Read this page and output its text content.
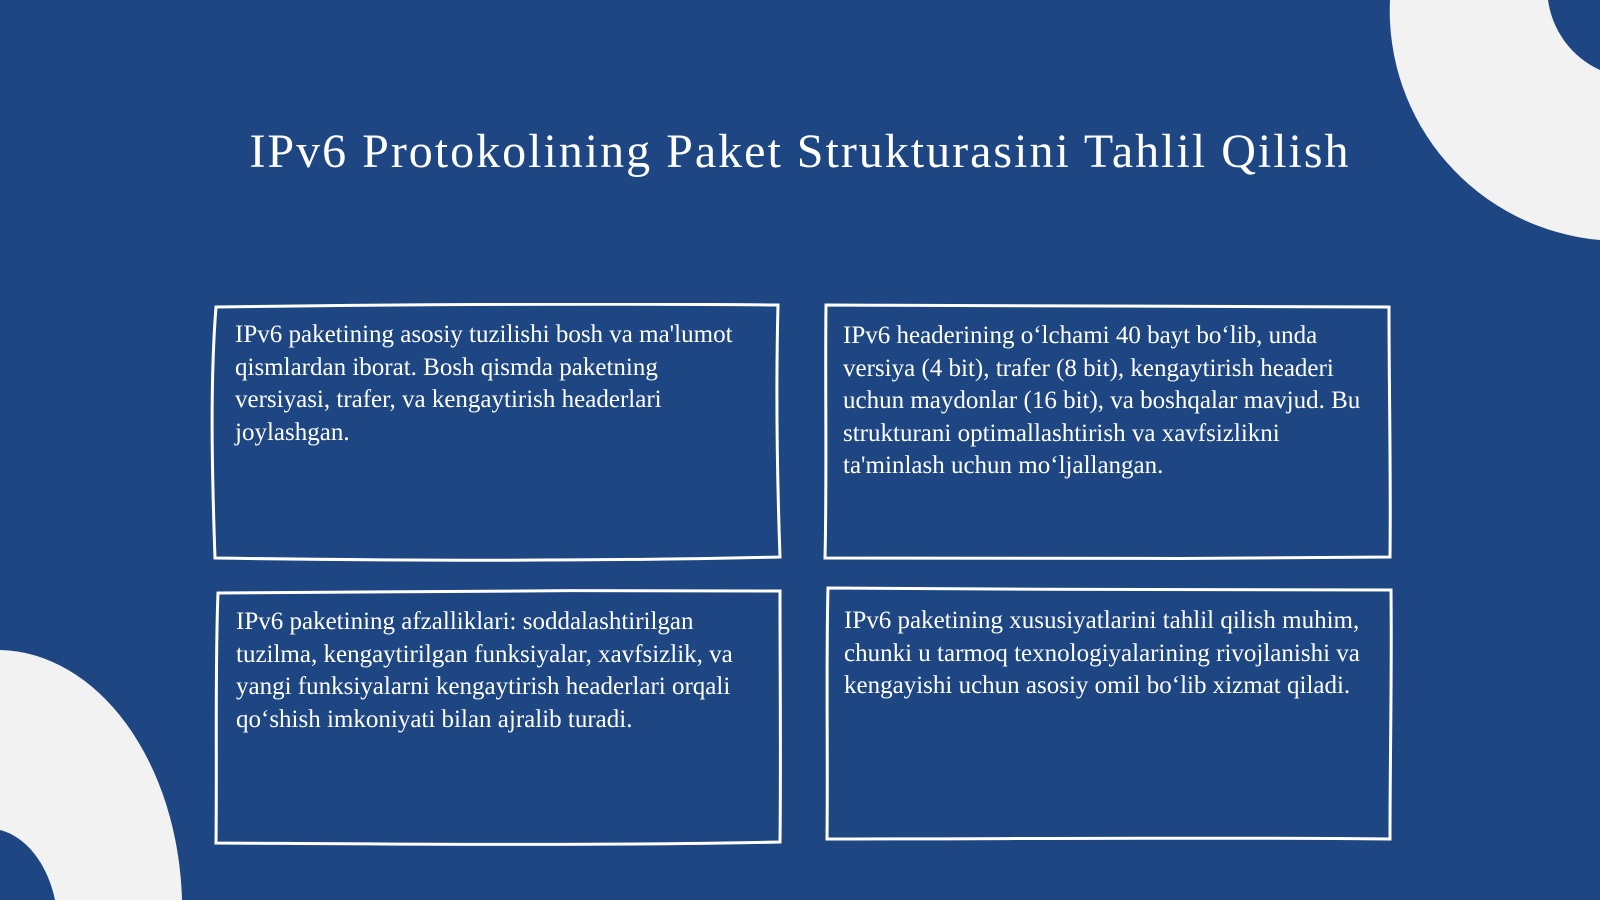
IPv6 Protokolining Paket Strukturasini Tahlil Qilish
IPv6 paketining asosiy tuzilishi bosh va ma'lumot qismlardan iborat. Bosh qismda paketning versiyasi, trafer, va kengaytirish headerlari joylashgan.
IPv6 headerining o‘lchami 40 bayt bo‘lib, unda versiya (4 bit), trafer (8 bit), kengaytirish headeri uchun maydonlar (16 bit), va boshqalar mavjud. Bu strukturani optimallashtirish va xavfsizlikni ta'minlash uchun mo‘ljallangan.
IPv6 paketining afzalliklari: soddalashtirilgan tuzilma, kengaytirilgan funksiyalar, xavfsizlik, va yangi funksiyalarni kengaytirish headerlari orqali qo‘shish imkoniyati bilan ajralib turadi.
IPv6 paketining xususiyatlarini tahlil qilish muhim, chunki u tarmoq texnologiyalarining rivojlanishi va kengayishi uchun asosiy omil bo‘lib xizmat qiladi.
